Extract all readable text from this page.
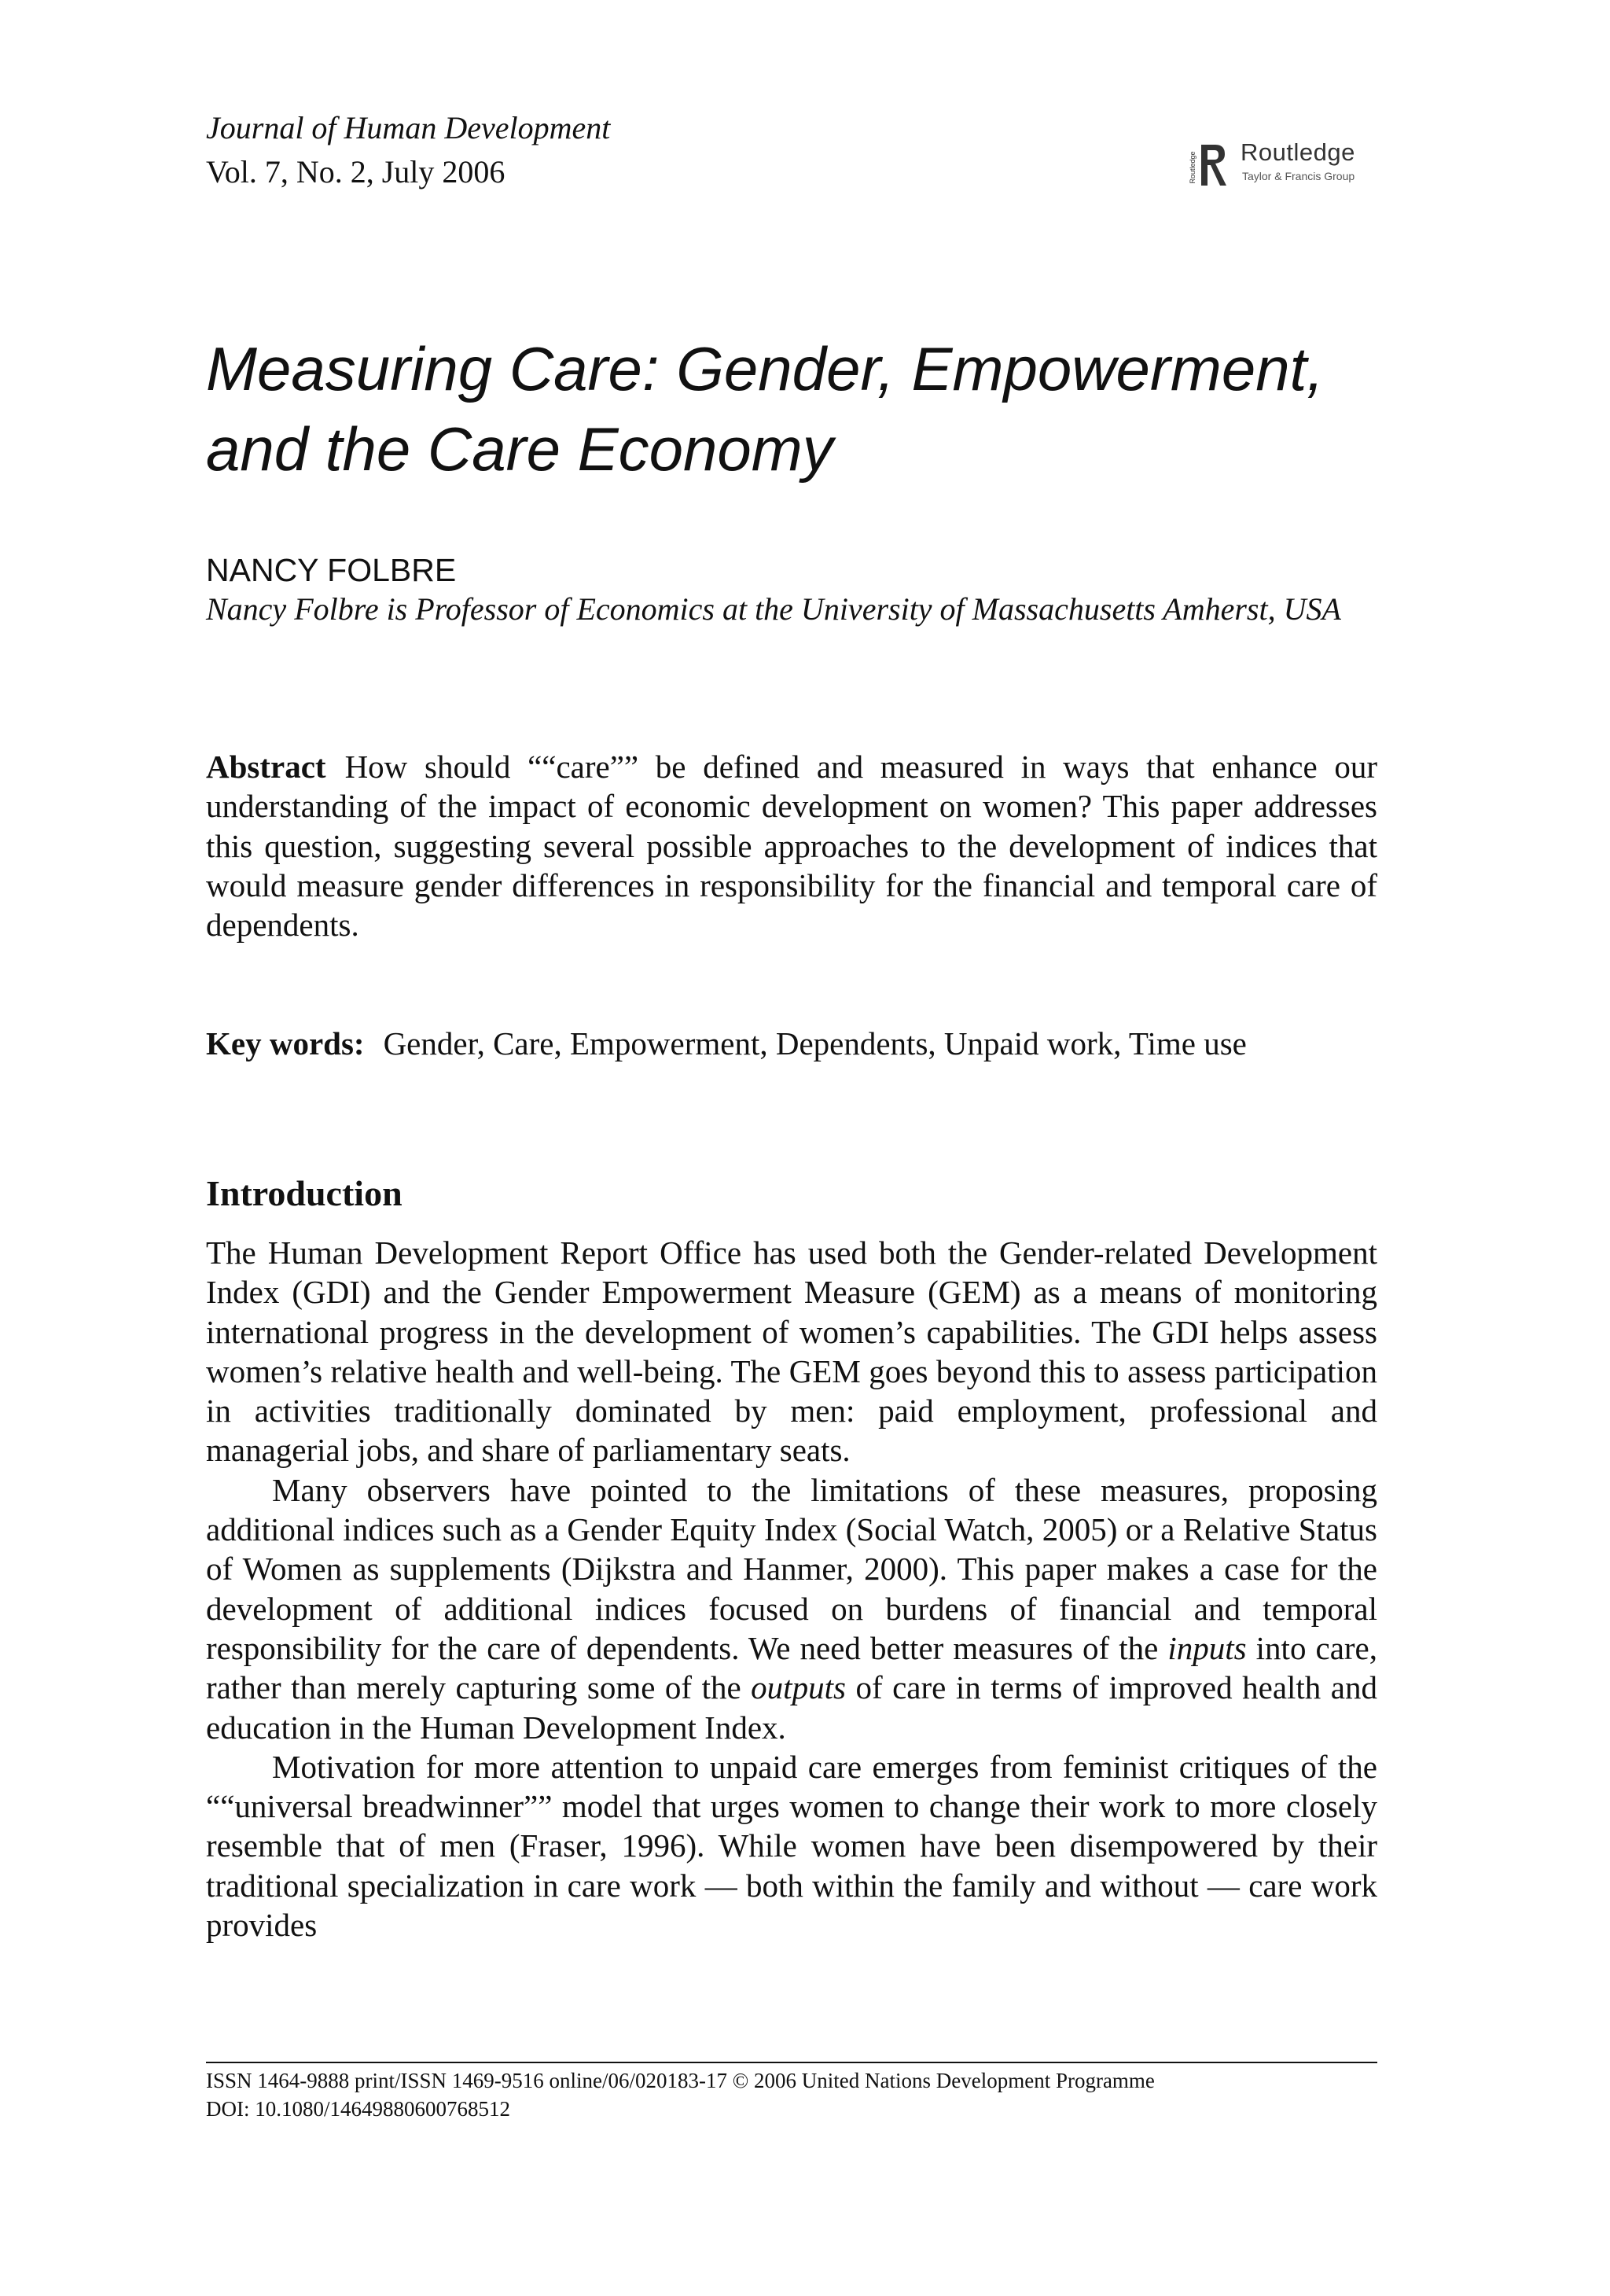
Journal of Human Development
Vol. 7, No. 2, July 2006	Routledge Routledge
Taylor & Francis Group
Measuring Care: Gender, Empowerment,
and the Care Economy
NANCY FOLBRE
Nancy Folbre is Professor of Economics at the University of Massachusetts Amherst, USA

Abstract How should ““care”” be defined and measured in ways that enhance our understanding of the impact of economic development on women? This paper addresses this question, suggesting several possible approaches to the development of indices that would measure gender differences in responsibility for the financial and temporal care of dependents.

Key words: Gender, Care, Empowerment, Dependents, Unpaid work, Time use

Introduction

The Human Development Report Office has used both the Gender-related Development Index (GDI) and the Gender Empowerment Measure (GEM) as a means of monitoring international progress in the development of women’s capabilities. The GDI helps assess women’s relative health and well-being. The GEM goes beyond this to assess participation in activities traditionally dominated by men: paid employment, professional and managerial jobs, and share of parliamentary seats.

Many observers have pointed to the limitations of these measures, proposing additional indices such as a Gender Equity Index (Social Watch, 2005) or a Relative Status of Women as supplements (Dijkstra and Hanmer, 2000). This paper makes a case for the development of additional indices focused on burdens of financial and temporal responsibility for the care of dependents. We need better measures of the inputs into care, rather than merely capturing some of the outputs of care in terms of improved health and education in the Human Development Index.

Motivation for more attention to unpaid care emerges from feminist critiques of the ““universal breadwinner”” model that urges women to change their work to more closely resemble that of men (Fraser, 1996). While women have been disempowered by their traditional specialization in care work — both within the family and without — care work provides

ISSN 1464-9888 print/ISSN 1469-9516 online/06/020183-17 © 2006 United Nations Development Programme
DOI: 10.1080/14649880600768512
